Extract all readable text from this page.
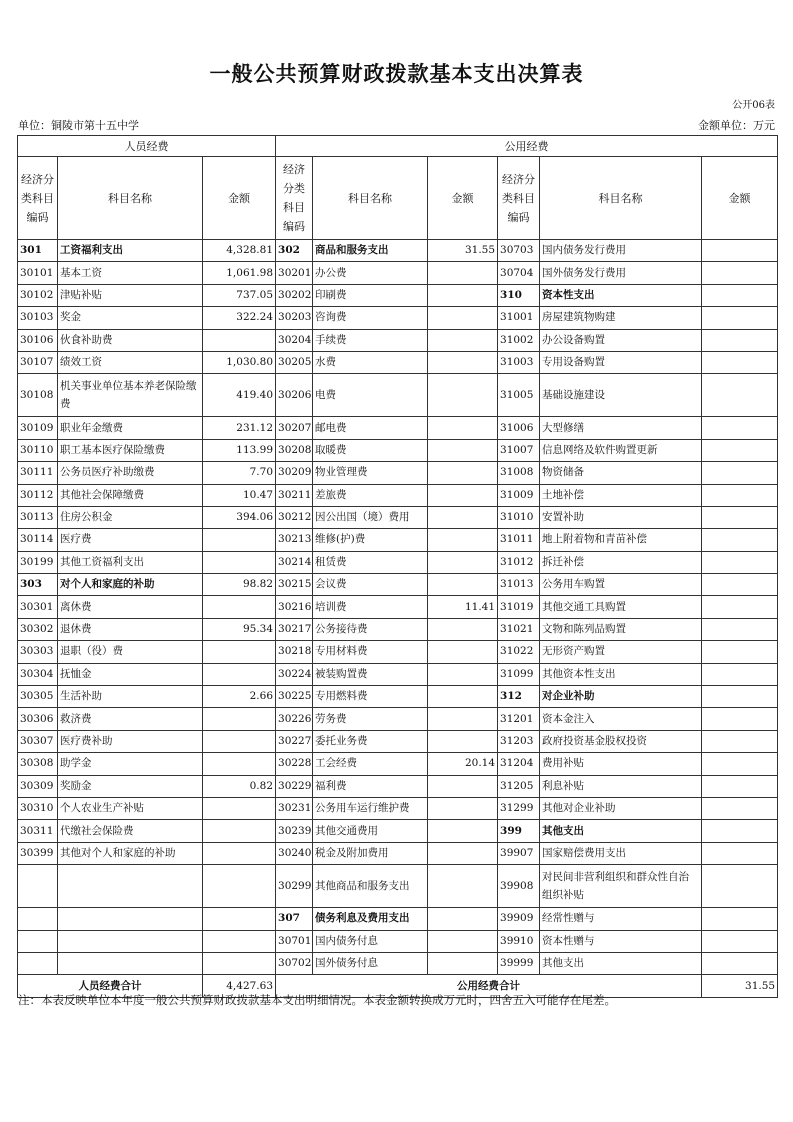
一般公共预算财政拨款基本支出决算表
公开06表
单位：铜陵市第十五中学	金额单位：万元
人员经费			公用经费					
经济分类科目编码	科目名称	金额	经济分类科目编码	科目名称	金额	经济分类科目编码	科目名称	金额
301	工资福利支出	4,328.81	302	商品和服务支出	31.55	30703	国内债务发行费用	
30101	基本工资	1,061.98	30201	办公费		30704	国外债务发行费用	
30102	津贴补贴	737.05	30202	印刷费		310	资本性支出	
30103	奖金	322.24	30203	咨询费		31001	房屋建筑物购建	
30106	伙食补助费		30204	手续费		31002	办公设备购置	
30107	绩效工资	1,030.80	30205	水费		31003	专用设备购置	
30108	机关事业单位基本养老保险缴费	419.40	30206	电费		31005	基础设施建设	
30109	职业年金缴费	231.12	30207	邮电费		31006	大型修缮	
30110	职工基本医疗保险缴费	113.99	30208	取暖费		31007	信息网络及软件购置更新	
30111	公务员医疗补助缴费	7.70	30209	物业管理费		31008	物资储备	
30112	其他社会保障缴费	10.47	30211	差旅费		31009	土地补偿	
30113	住房公积金	394.06	30212	因公出国（境）费用		31010	安置补助	
30114	医疗费		30213	维修(护)费		31011	地上附着物和青苗补偿	
30199	其他工资福利支出		30214	租赁费		31012	拆迁补偿	
303	对个人和家庭的补助	98.82	30215	会议费		31013	公务用车购置	
30301	离休费		30216	培训费	11.41	31019	其他交通工具购置	
30302	退休费	95.34	30217	公务接待费		31021	文物和陈列品购置	
30303	退职（役）费		30218	专用材料费		31022	无形资产购置	
30304	抚恤金		30224	被装购置费		31099	其他资本性支出	
30305	生活补助	2.66	30225	专用燃料费		312	对企业补助	
30306	救济费		30226	劳务费		31201	资本金注入	
30307	医疗费补助		30227	委托业务费		31203	政府投资基金股权投资	
30308	助学金		30228	工会经费	20.14	31204	费用补贴	
30309	奖励金	0.82	30229	福利费		31205	利息补贴	
30310	个人农业生产补贴		30231	公务用车运行维护费		31299	其他对企业补助	
30311	代缴社会保险费		30239	其他交通费用		399	其他支出	
30399	其他对个人和家庭的补助		30240	税金及附加费用		39907	国家赔偿费用支出	
			30299	其他商品和服务支出		39908	对民间非营利组织和群众性自治组织补贴	
			307	债务利息及费用支出		39909	经常性赠与	
			30701	国内债务付息		39910	资本性赠与	
			30702	国外债务付息		39999	其他支出	
人员经费合计		4,427.63	公用经费合计					31.55
注：本表反映单位本年度一般公共预算财政拨款基本支出明细情况。本表金额转换成万元时，四舍五入可能存在尾差。
